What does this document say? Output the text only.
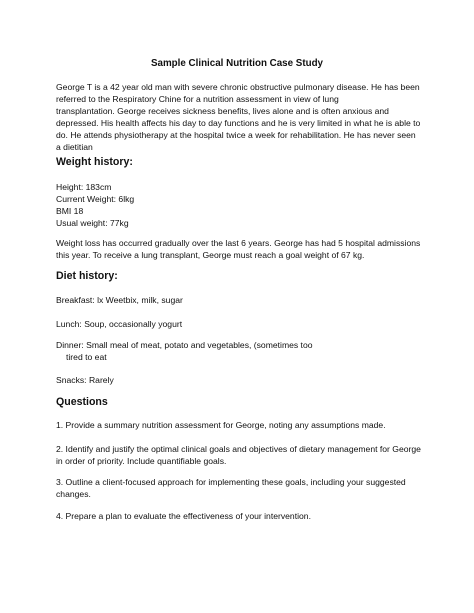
Sample Clinical Nutrition Case Study

George T is a 42 year old man with severe chronic obstructive pulmonary disease. He has been
referred to the Respiratory Chine for a nutrition assessment in view of lung
transplantation. George receives sickness benefits, lives alone and is often anxious and
depressed. His health affects his day to day functions and he is very limited in what he is able to
do. He attends physiotherapy at the hospital twice a week for rehabilitation. He has never seen
a dietitian

Weight history:

Height: 183cm
Current Weight: 6lkg
BMI 18
Usual weight: 77kg

Weight loss has occurred gradually over the last 6 years. George has had 5 hospital admissions
this year. To receive a lung transplant, George must reach a goal weight of 67 kg.

Diet history:

Breakfast: lx Weetbix, milk, sugar

Lunch: Soup, occasionally yogurt

Dinner: Small meal of meat, potato and vegetables, (sometimes too
tired to eat

Snacks: Rarely

Questions

1. Provide a summary nutrition assessment for George, noting any assumptions made.

2. Identify and justify the optimal clinical goals and objectives of dietary management for George
in order of priority. Include quantifiable goals.

3. Outline a client-focused approach for implementing these goals, including your suggested
changes.

4. Prepare a plan to evaluate the effectiveness of your intervention.
